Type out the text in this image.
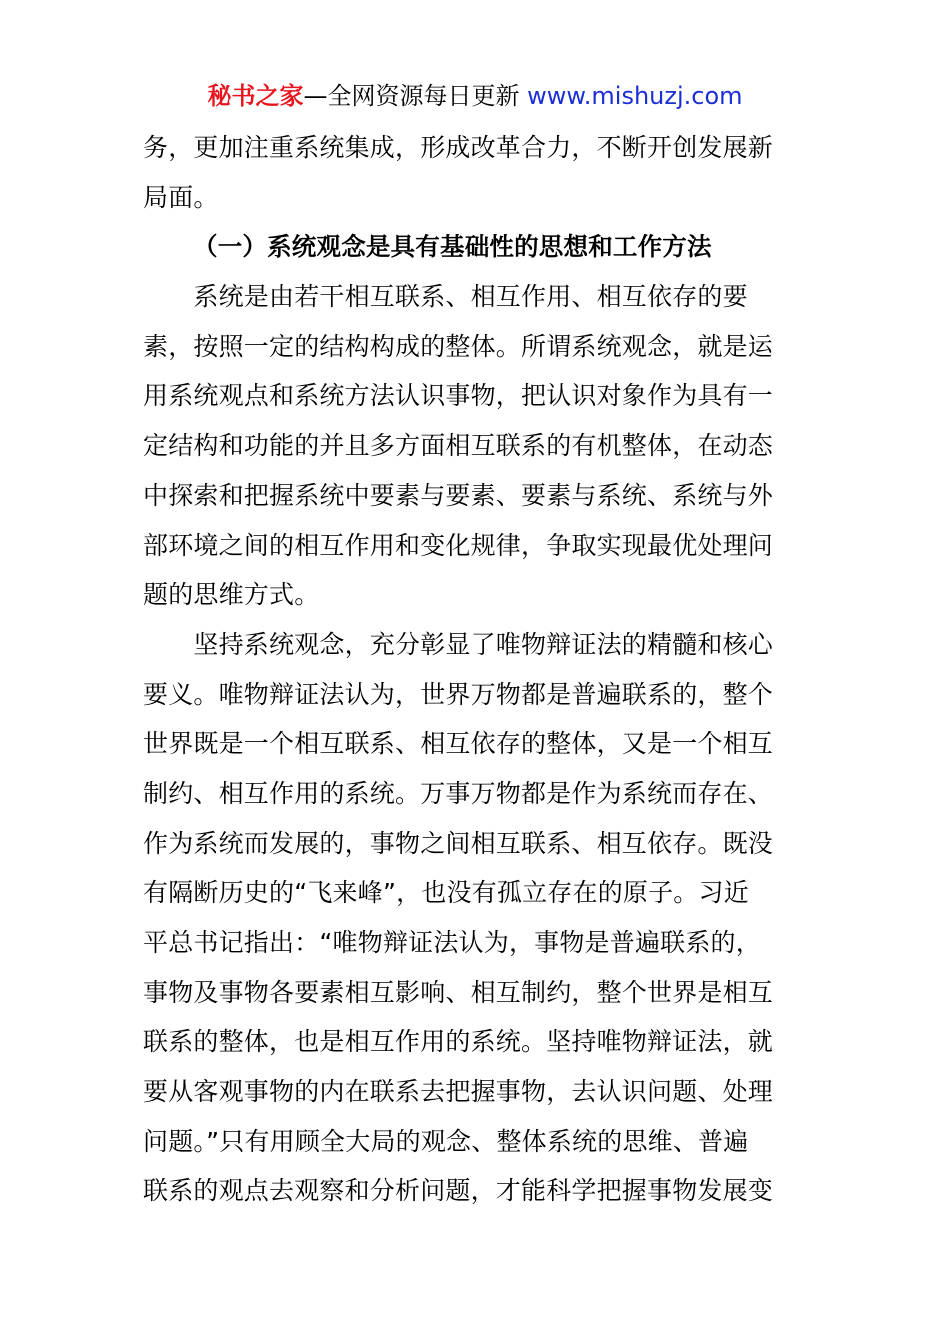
秘书之家—全网资源每日更新 www.mishuzj.com
务，更加注重系统集成，形成改革合力，不断开创发展新
局面。
（一）系统观念是具有基础性的思想和工作方法
　　系统是由若干相互联系、相互作用、相互依存的要
素，按照一定的结构构成的整体。所谓系统观念，就是运
用系统观点和系统方法认识事物，把认识对象作为具有一
定结构和功能的并且多方面相互联系的有机整体，在动态
中探索和把握系统中要素与要素、要素与系统、系统与外
部环境之间的相互作用和变化规律，争取实现最优处理问
题的思维方式。
　　坚持系统观念，充分彰显了唯物辩证法的精髓和核心
要义。唯物辩证法认为，世界万物都是普遍联系的，整个
世界既是一个相互联系、相互依存的整体，又是一个相互
制约、相互作用的系统。万事万物都是作为系统而存在、
作为系统而发展的，事物之间相互联系、相互依存。既没
有隔断历史的“飞来峰”，也没有孤立存在的原子。习近
平总书记指出：“唯物辩证法认为，事物是普遍联系的，
事物及事物各要素相互影响、相互制约，整个世界是相互
联系的整体，也是相互作用的系统。坚持唯物辩证法，就
要从客观事物的内在联系去把握事物，去认识问题、处理
问题。”只有用顾全大局的观念、整体系统的思维、普遍
联系的观点去观察和分析问题，才能科学把握事物发展变
